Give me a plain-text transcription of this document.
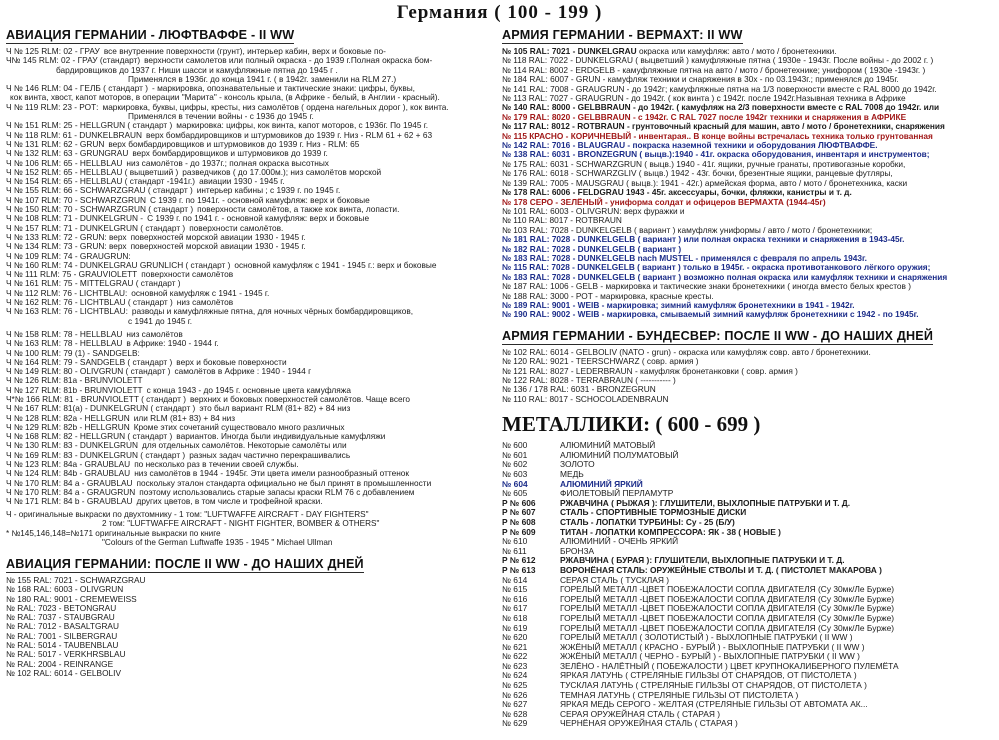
Германия ( 100 - 199 )
АВИАЦИЯ ГЕРМАНИИ - ЛЮФТВАФФЕ - II WW
Ч № 125 RLM: 02 - ГРАУ все внутренние поверхности (грунт), интерьер кабин, верх и боковые по-
Ч№ 145 RLM: 02 - ГРАУ (стандарт) верхности самолетов или полный окраска - до 1939 г.Полная окраска бом-
бардировщиков до 1937 г. Ниши шасси и камуфляжные пятна до 1945 г .
Применялся в 1936г. до конца 1941 г. ( в 1942г. заменили на RLM 27.)
Ч № 146 RLM: 04 - ГЕЛБ ( стандарт ) - маркировка, опознавательные и тактические знаки: цифры, буквы,
кок винта, хвост, капот моторов, в операции "Марита" - консоль крыла, (в Африке - белый, в Англии - красный).
Ч № 119 RLM: 23 - РОТ: маркировка, буквы, цифры, кресты, низ самолётов ( ордена нагельных дорог ), кок винта.
Применялся в течении войны - с 1936 до 1945 г.
Ч № 151 RLM: 25 - HELLGRUN ( стандарт ) маркировка: цифры, кок винта, капот моторов, с 1936г. По 1945 г.
Ч № 118 RLM: 61 - DUNKELBRAUN верх бомбардировщиков и штурмовиков до 1939 г. Низ - RLM 61 + 62 + 63
Ч № 131 RLM: 62 - GRUN верх бомбардировщиков и штурмовиков до 1939 г. Низ - RLM: 65
Ч № 132 RLM: 63 - GRUNGRAU верх бомбардировщиков и штурмовиков до 1939 г.
Ч № 106 RLM: 65 - HELLBLAU низ самолётов - до 1937г.; полная окраска высотных
Ч № 152 RLM: 65 - HELLBLAU ( выцветший ) разведчиков ( до 17.000м.); низ самолётов морской
Ч № 154 RLM: 65 - HELLBLAU ( стандарт -1941г.) авиации 1930 - 1945 г.
Ч № 155 RLM: 66 - SCHWARZGRAU ( стандарт ) интерьер кабины ; с 1939 г. по 1945 г.
Ч № 107 RLM: 70 - SCHWARZGRUN С 1939 г. по 1941г. - основной камуфляж: верх и боковые
Ч № 150 RLM: 70 - SCHWARZGRUN ( стандарт ) поверхности самолётов, а также кок винта, лопасти.
Ч № 108 RLM: 71 - DUNKELGRUN - С 1939 г. по 1941 г. - основной камуфляж: верх и боковые
Ч № 157 RLM: 71 - DUNKELGRUN ( стандарт ) поверхности самолётов.
Ч № 133 RLM: 72 - GRUN: верх поверхностей морской авиации 1930 - 1945 г.
Ч № 134 RLM: 73 - GRUN: верх поверхностей морской авиации 1930 - 1945 г.
Ч № 109 RLM: 74 - GRAUGRUN:
Ч № 160 RLM: 74 - DUNKELGRAU GRUNLICH ( стандарт ) основной камуфляж с 1941 - 1945 г.: верх и боковые
Ч № 111 RLM: 75 - GRAUVIOLETT поверхности самолётов
Ч № 161 RLM: 75 - MITTELGRAU ( стандарт )
Ч № 112 RLM: 76 - LICHTBLAU: основной камуфляж с 1941 - 1945 г.
Ч № 162 RLM: 76 - LICHTBLAU ( стандарт ) низ самолётов
Ч № 163 RLM: 76 - LICHTBLAU: разводы и камуфляжные пятна, для ночных чёрных бомбардировщиков,
с 1941 до 1945 г.
Ч № 158 RLM: 78 - HELLBLAU низ самолётов
Ч № 163 RLM: 78 - HELLBLAU в Африке: 1940 - 1944 г.
Ч № 100 RLM: 79 (1) - SANDGELB:
Ч № 164 RLM: 79 - SANDGELB ( стандарт ) верх и боковые поверхности
Ч № 149 RLM: 80 - OLIVGRUN ( стандарт ) самолётов в Африке : 1940 - 1944 г
Ч № 126 RLM: 81a - BRUNVIOLETT
Ч № 127 RLM: 81b - BRUNVIOLETT с конца 1943 - до 1945 г. основные цвета камуфляжа
Ч*№ 166 RLM: 81 - BRUNVIOLETT ( стандарт ) верхних и боковых поверхностей самолётов. Чаще всего
Ч № 167 RLM: 81(a) - DUNKELGRUN ( стандарт ) это был вариант RLM (81+ 82) + 84 низ
Ч № 128 RLM: 82a - HELLGRUN или RLM (81+ 83) + 84 низ
Ч № 129 RLM: 82b - HELLGRUN Кроме этих сочетаний существовало много различных
Ч № 168 RLM: 82 - HELLGRUN ( стандарт ) вариантов. Иногда были индивидуальные камуфляжи
Ч № 130 RLM: 83 - DUNKELGRUN для отдельных самолётов. Некоторые самолёты или
Ч № 169 RLM: 83 - DUNKELGRUN ( стандарт ) разных задач частично перекрашивались
Ч № 123 RLM: 84a - GRAUBLAU по несколько раз в течении своей службы.
Ч № 124 RLM: 84b - GRAUBLAU низ самолётов в 1944 - 1945г. Эти цвета имели разнообразный оттенок
Ч № 170 RLM: 84 a - GRAUBLAU поскольку эталон стандарта официально не был принят в промышленности
Ч № 170 RLM: 84 a - GRAUGRUN поэтому использовались старые запасы краски RLM 76 с добавлением
Ч № 171 RLM: 84 b - GRAUBLAU других цветов, в том числе и трофейной краски.
Ч - оригинальные выкраски по двухтомнику - 1 том: "LUFTWAFFE AIRCRAFT - DAY FIGHTERS"
2 том: "LUFTWAFFE AIRCRAFT - NIGHT FIGHTER, BOMBER & OTHERS"
* №145,146,148=№171 оригинальные выкраски по книге
"Colours of the German Luftwaffe 1935 - 1945 " Michael Ullman
АВИАЦИЯ ГЕРМАНИИ: ПОСЛЕ II WW - ДО НАШИХ ДНЕЙ
№ 155 RAL: 7021 - SCHWARZGRAU
№ 168 RAL: 6003 - OLIVGRUN
№ 180 RAL: 9001 - CREMEWEISS
№ RAL: 7023 - BETONGRAU
№ RAL: 7037 - STAUBGRAU
№ RAL: 7012 - BASALTGRAU
№ RAL: 7001 - SILBERGRAU
№ RAL: 5014 - TAUBENBLAU
№ RAL: 5017 - VERKHRSBLAU
№ RAL: 2004 - REINRANGE
№ 102 RAL: 6014 - GELBOLIV
АРМИЯ ГЕРМАНИИ - ВЕРМАХТ: II WW
№ 105 RAL: 7021 - DUNKELGRAU окраска или камуфляж: авто / мото / бронетехники.
№ 118 RAL: 7022 - DUNKELGRAU ( выцветший ) камуфляжные пятна ( 1930е - 1943г. После войны - до 2002 г. )
№ 114 RAL: 8002 - ERDGELB - камуфляжные пятна на авто / мото / бронетехнике; унифором ( 1930е -1943г. )
№ 184 RAL: 6007 - GRUN - камуфляж техники и снаряжения в 30х - по 03.1943г.; применялся до 1945г.
№ 141 RAL: 7008 - GRAUGRUN - до 1942г; камуфляжные пятна на 1/3 поверхности вместе с RAL 8000 до 1942г.
№ 113 RAL: 7027 - GRAUGRUN - до 1942г. ( кок винта ) с 1942г. после 1942г.Назывная техника в Африке
№ 140 RAL: 8000 - GELBBRAUN - до 1942г. ( камуфляж на 2/3 поверхности вместе с RAL 7008 до 1942г. или
№ 179 RAL: 8020 - GELBBRAUN - с 1942г. С RAL 7027 после 1942г техники и снаряжения в АФРИКЕ
№ 117 RAL: 8012 - ROTBRAUN - грунтовочный красный для машин, авто / мото / бронетехники, снаряжения
№ 115 КРАСНО - КОРИЧНЕВЫЙ - инвентарая.. В конце войны встречалась техника только грунтованная
№ 142 RAL: 7016 - BLAUGRAU - покраска наземной техники и оборудования ЛЮФТВАФФЕ.
№ 138 RAL: 6031 - BRONZEGRUN ( выцв.):1940 - 41г. окраска оборудования, инвентаря и инструментов;
№ 175 RAL: 6031 - SCHWARZGRUN ( выцв.) 1940 - 41г. ящики, ручные гранаты, противогазные коробки,
№ 176 RAL: 6018 - SCHWARZGLIV ( выцв.) 1942 - 43г. бочки, брезентные ящики, ранцевые футляры,
№ 139 RAL: 7005 - MAUSGRAU ( выцв.): 1941 - 42г.) армейская форма, авто / мото / бронетехника, каски
№ 178 RAL: 6006 - FELDGRAU 1943 - 45г. аксессуары, бочки, фляжки, канистры и т. д.
№ 178 СЕРО - ЗЕЛЁНЫЙ - униформа солдат и офицеров ВЕРМАХТА (1944-45г)
№ 101 RAL: 6003 - OLIVGRUN: верх фуражки и
№ 110 RAL: 8017 - ROTBRAUN
№ 103 RAL: 7028 - DUNKELGELB ( вариант ) камуфляж униформы / авто / мото / бронетехники;
№ 181 RAL: 7028 - DUNKELGELB ( вариант ) или полная окраска техники и снаряжения в 1943-45г.
№ 182 RAL: 7028 - DUNKELGELB ( вариант )
№ 183 RAL: 7028 - DUNKELGELB nach MUSTEL - применялся с февраля по апрель 1943г.
№ 115 RAL: 7028 - DUNKELGELB ( вариант ) только в 1945г. - окраска противотанкового лёгкого оружия;
№ 183 RAL: 7028 - DUNKELGELB ( вариант ) возможно полная окраска или камуфляж техники и снаряжения
№ 187 RAL: 1006 - GELB - маркировка и тактические знаки бронетехники ( иногда вместо белых крестов )
№ 188 RAL: 3000 - РОТ - маркировка, красные кресты.
№ 189 RAL: 9001 - WEIB - маркировка; зимний камуфляж бронетехники в 1941 - 1942г.
№ 190 RAL: 9002 - WEIB - маркировка, смываемый зимний камуфляж бронетехники с 1942 - по 1945г.
АРМИЯ ГЕРМАНИИ - БУНДЕСВЕР: ПОСЛЕ II WW - ДО НАШИХ ДНЕЙ
№ 102 RAL: 6014 - GELBOLIV (NATO - grun) - окраска или камуфляж совр. авто / бронетехники.
№ 120 RAL: 9021 - TEERSCHWARZ ( совр. армия )
№ 121 RAL: 8027 - LEDERBRAUN - камуфляж бронетанковки ( совр. армия )
№ 122 RAL: 8028 - TERRABRAUN ( ----------- )
№ 136 / 178 RAL: 6031 - BRONZEGRUN
№ 110 RAL: 8017 - SCHOCOLADENBRAUN
МЕТАЛЛИКИ: ( 600 - 699 )
№ 600	АЛЮМИНИЙ МАТОВЫЙ
№ 601	АЛЮМИНИЙ ПОЛУМАТОВЫЙ
№ 602	ЗОЛОТО
№ 603	МЕДЬ
№ 604	АЛЮМИНИЙ ЯРКИЙ
№ 605	ФИОЛЕТОВЫЙ ПЕРЛАМУТР
Р № 606	РЖАВЧИНА ( РЫЖАЯ ): ГЛУШИТЕЛИ, ВЫХЛОПНЫЕ ПАТРУБКИ И Т. Д.
Р № 607	СТАЛЬ - СПОРТИВНЫЕ ТОРМОЗНЫЕ ДИСКИ
Р № 608	СТАЛЬ - ЛОПАТКИ ТУРБИНЫ: Су - 25 (Б/У)
Р № 609	ТИТАН - ЛОПАТКИ КОМПРЕССОРА: ЯК - 38 ( НОВЫЕ )
№ 610	АЛЮМИНИЙ - ОЧЕНЬ ЯРКИЙ
№ 611	БРОНЗА
Р № 612	РЖАВЧИНА ( БУРАЯ ): ГЛУШИТЕЛИ, ВЫХЛОПНЫЕ ПАТРУБКИ И Т. Д.
Р № 613	ВОРОНЁНАЯ СТАЛЬ: ОРУЖЕЙНЫЕ СТВОЛЫ И Т. Д. ( ПИСТОЛЕТ МАКАРОВА )
№ 614	СЕРАЯ СТАЛЬ ( ТУСКЛАЯ )
№ 615	ГОРЕЛЫЙ МЕТАЛЛ -ЦВЕТ ПОБЕЖАЛОСТИ СОПЛА ДВИГАТЕЛЯ (Су 30мк/Ле Бурже)
№ 616	ГОРЕЛЫЙ МЕТАЛЛ -ЦВЕТ ПОБЕЖАЛОСТИ СОПЛА ДВИГАТЕЛЯ (Су 30мк/Ле Бурже)
№ 617	ГОРЕЛЫЙ МЕТАЛЛ -ЦВЕТ ПОБЕЖАЛОСТИ СОПЛА ДВИГАТЕЛЯ (Су 30мк/Ле Бурже)
№ 618	ГОРЕЛЫЙ МЕТАЛЛ -ЦВЕТ ПОБЕЖАЛОСТИ СОПЛА ДВИГАТЕЛЯ (Су 30мк/Ле Бурже)
№ 619	ГОРЕЛЫЙ МЕТАЛЛ -ЦВЕТ ПОБЕЖАЛОСТИ СОПЛА ДВИГАТЕЛЯ (Су 30мк/Ле Бурже)
№ 620	ГОРЕЛЫЙ МЕТАЛЛ ( ЗОЛОТИСТЫЙ ) - ВЫХЛОПНЫЕ ПАТРУБКИ ( II WW )
№ 621	ЖЖЁНЫЙ МЕТАЛЛ ( КРАСНО - БУРЫЙ ) - ВЫХЛОПНЫЕ ПАТРУБКИ ( II WW )
№ 622	ЖЖЁНЫЙ МЕТАЛЛ ( ЧЕРНО - БУРЫЙ ) - ВЫХЛОПНЫЕ ПАТРУБКИ ( II WW )
№ 623	ЗЕЛЁНО - НАЛЁТНЫЙ ( ПОБЕЖАЛОСТИ ) ЦВЕТ КРУПНОКАЛИБЕРНОГО ПУЛЕМЁТА
№ 624	ЯРКАЯ ЛАТУНЬ ( СТРЕЛЯНЫЕ ГИЛЬЗЫ ОТ СНАРЯДОВ, ОТ ПИСТОЛЕТА )
№ 625	ТУСКЛАЯ ЛАТУНЬ ( СТРЕЛЯНЫЕ ГИЛЬЗЫ ОТ СНАРЯДОВ, ОТ ПИСТОЛЕТА )
№ 626	ТЕМНАЯ ЛАТУНЬ ( СТРЕЛЯНЫЕ ГИЛЬЗЫ ОТ ПИСТОЛЕТА )
№ 627	ЯРКАЯ МЕДЬ СЕРОГО - ЖЕЛТАЯ (СТРЕЛЯНЫЕ ГИЛЬЗЫ ОТ АВТОМАТА АК...
№ 628	СЕРАЯ ОРУЖЕЙНАЯ СТАЛЬ ( СТАРАЯ )
№ 629	ЧЕРНЁНАЯ ОРУЖЕЙНАЯ СТАЛЬ ( СТАРАЯ )
